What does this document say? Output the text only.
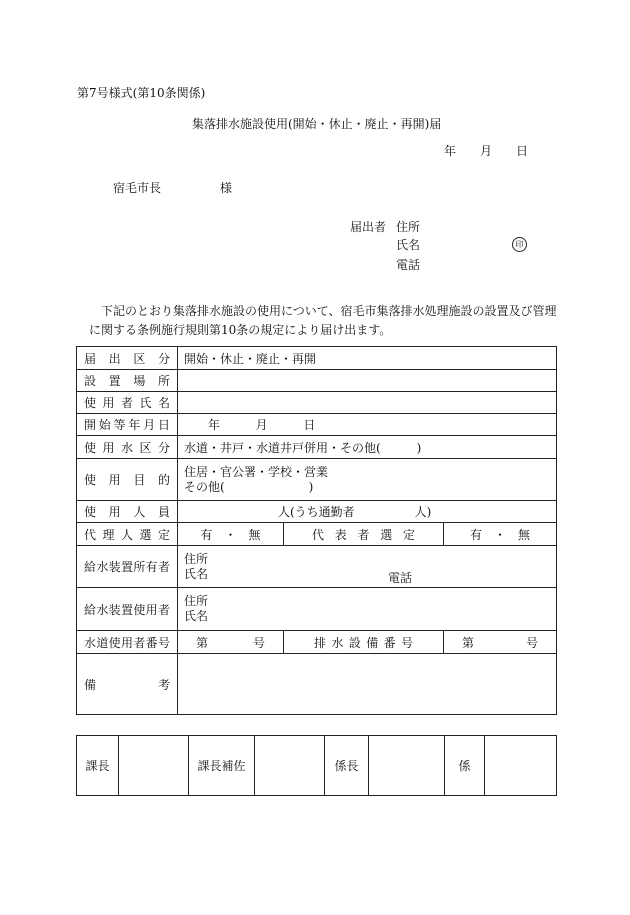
第7号様式(第10条関係)
集落排水施設使用(開始・休止・廃止・再開)届
年 月 日
宿毛市長	様
届出者 住所
氏名	印
電話
下記のとおり集落排水施設の使用について、宿毛市集落排水処理施設の設置及び管理
に関する条例施行規則第10条の規定により届け出ます。
届出区分	開始・休止・廃止・再開		
設置場所			
使用者氏名			
開始等年月日	年 月 日		
使用水区分	水道・井戸・水道井戸併用・その他(　　　)		
使用目的	住居・官公署・学校・営業
その他(　　　　　　　)		

使用人員	人(うち通勤者　　　　　人)		
代理人選定	有　・　無	代表者選定	有　・　無
給水装置所有者	住所
氏名 電話		

給水装置使用者	住所
氏名		

水道使用者番号	第 号	排水設備番号	第 号

備考			
課長		課長補佐		係長		係	
